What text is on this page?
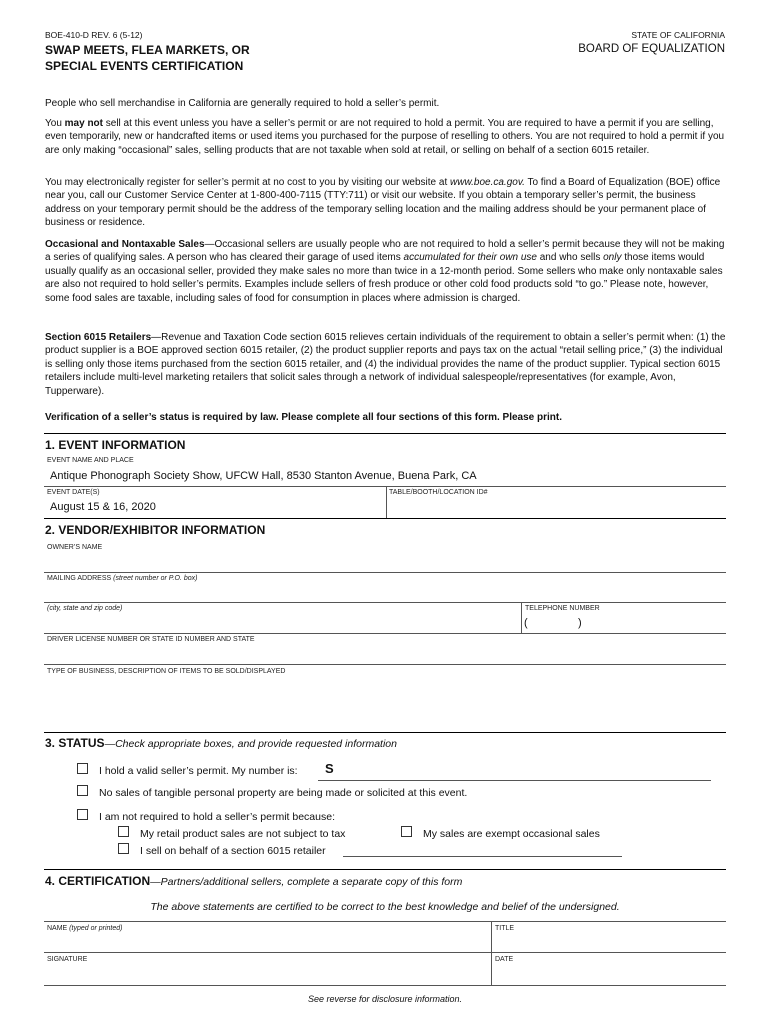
BOE-410-D REV. 6 (5-12)
SWAP MEETS, FLEA MARKETS, OR
SPECIAL EVENTS CERTIFICATION
STATE OF CALIFORNIA
BOARD OF EQUALIZATION
People who sell merchandise in California are generally required to hold a seller’s permit.
You may not sell at this event unless you have a seller’s permit or are not required to hold a permit. You are required to have a permit if you are selling, even temporarily, new or handcrafted items or used items you purchased for the purpose of reselling to others. You are not required to hold a permit if you are only making “occasional” sales, selling products that are not taxable when sold at retail, or selling on behalf of a section 6015 retailer.
You may electronically register for seller’s permit at no cost to you by visiting our website at www.boe.ca.gov. To find a Board of Equalization (BOE) office near you, call our Customer Service Center at 1-800-400-7115 (TTY:711) or visit our website. If you obtain a temporary seller’s permit, the business address on your temporary permit should be the address of the temporary selling location and the mailing address should be your permanent place of business or residence.
Occasional and Nontaxable Sales—Occasional sellers are usually people who are not required to hold a seller’s permit because they will not be making a series of qualifying sales. A person who has cleared their garage of used items accumulated for their own use and who sells only those items would usually qualify as an occasional seller, provided they make sales no more than twice in a 12-month period. Some sellers who make only nontaxable sales are also not required to hold seller’s permits. Examples include sellers of fresh produce or other cold food products sold “to go.” Please note, however, some food sales are taxable, including sales of food for consumption in places where admission is charged.
Section 6015 Retailers—Revenue and Taxation Code section 6015 relieves certain individuals of the requirement to obtain a seller’s permit when: (1) the product supplier is a BOE approved section 6015 retailer, (2) the product supplier reports and pays tax on the actual “retail selling price,” (3) the individual is selling only those items purchased from the section 6015 retailer, and (4) the individual provides the name of the product supplier. Typical section 6015 retailers include multi-level marketing retailers that solicit sales through a network of individual salespeople/representatives (for example, Avon, Tupperware).
Verification of a seller’s status is required by law. Please complete all four sections of this form. Please print.
1. EVENT INFORMATION
EVENT NAME AND PLACE
Antique Phonograph Society Show, UFCW Hall, 8530 Stanton Avenue, Buena Park, CA
EVENT DATE(S)
August 15 & 16, 2020
TABLE/BOOTH/LOCATION ID#
2. VENDOR/EXHIBITOR INFORMATION
OWNER’S NAME
MAILING ADDRESS (street number or P.O. box)
(city, state and zip code)	TELEPHONE NUMBER
(	)
DRIVER LICENSE NUMBER OR STATE ID NUMBER AND STATE
TYPE OF BUSINESS, DESCRIPTION OF ITEMS TO BE SOLD/DISPLAYED
3. STATUS—Check appropriate boxes, and provide requested information
I hold a valid seller’s permit. My number is: S
No sales of tangible personal property are being made or solicited at this event.
I am not required to hold a seller’s permit because:
My retail product sales are not subject to tax	My sales are exempt occasional sales
I sell on behalf of a section 6015 retailer
4. CERTIFICATION—Partners/additional sellers, complete a separate copy of this form
The above statements are certified to be correct to the best knowledge and belief of the undersigned.
NAME (typed or printed)	TITLE
SIGNATURE	DATE
See reverse for disclosure information.
